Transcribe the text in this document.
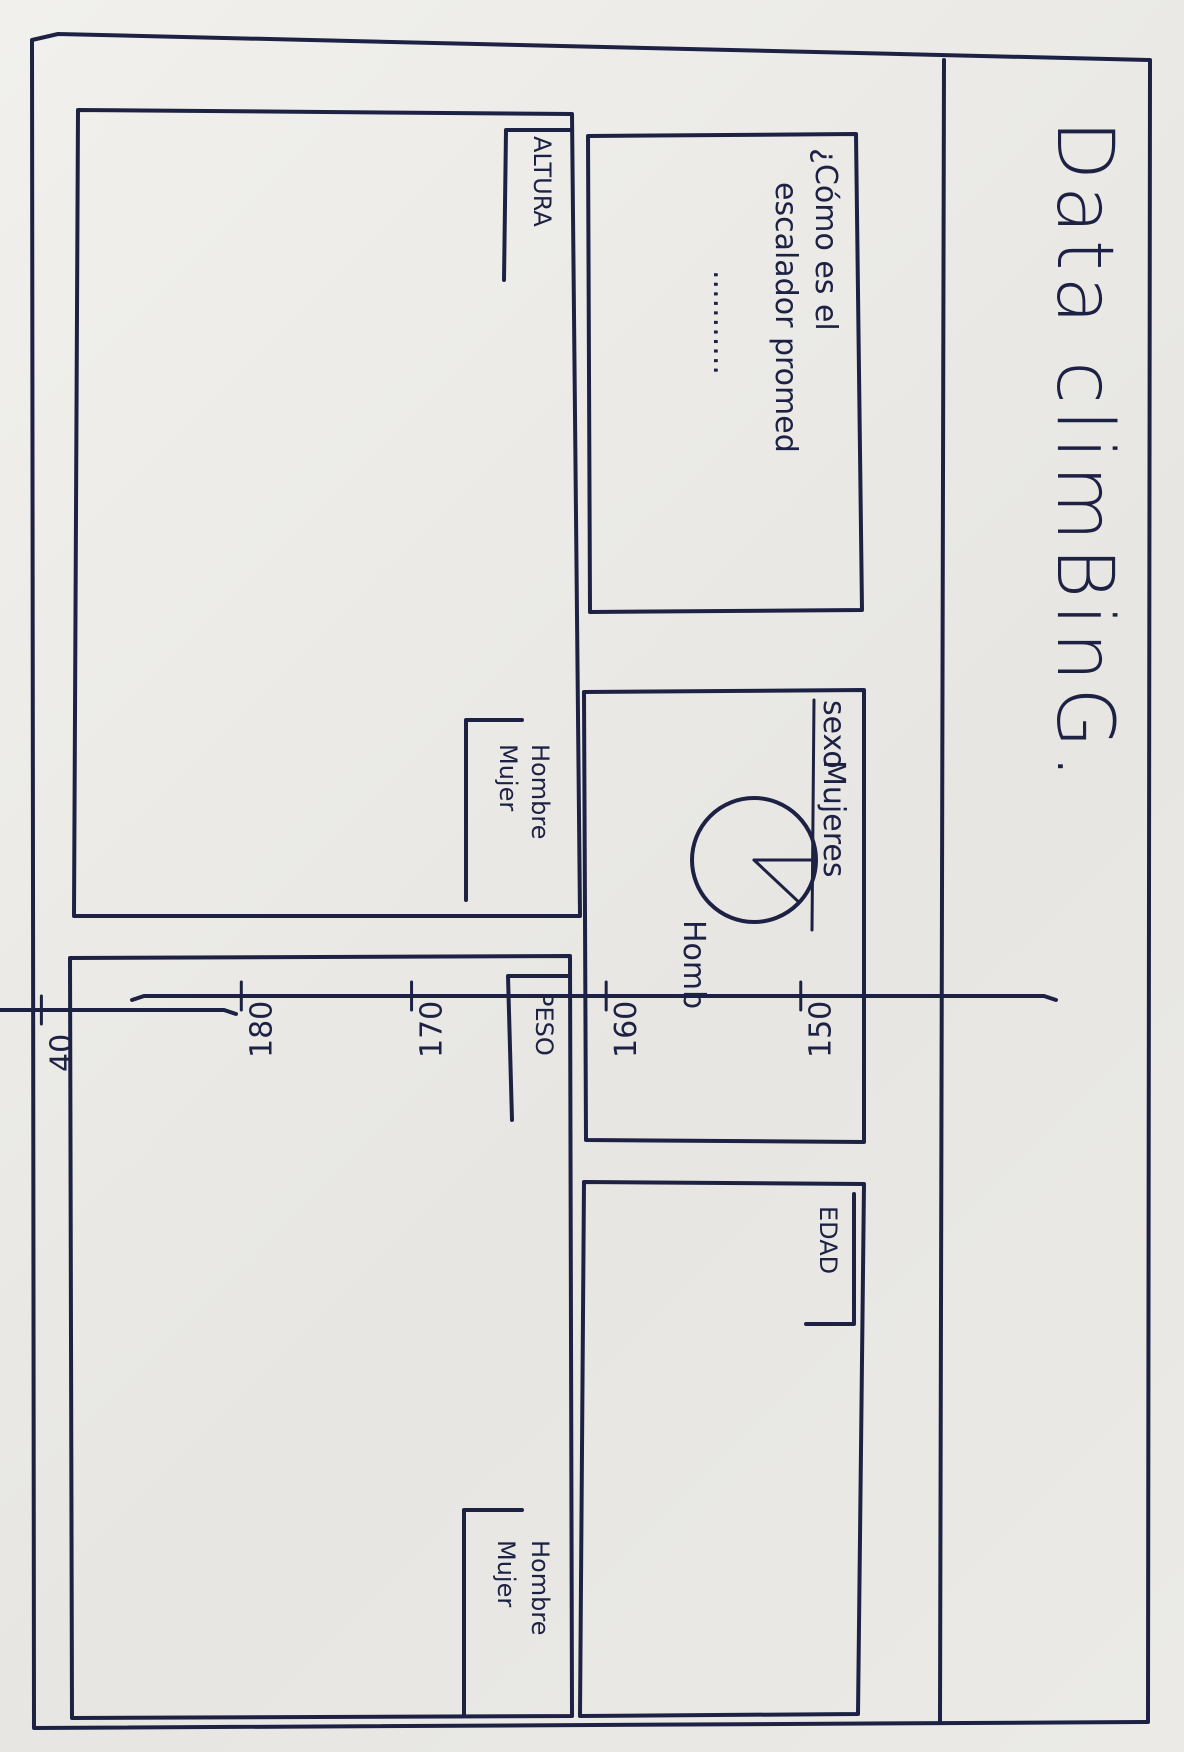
Data climBinG.
¿Cómo es el
escalador promed
...........
sexo
Mujeres
Homb
EDAD
ALTURA
Hombre
Mujer
150
160
170
180	PESO
Hombre
Mujer
40
